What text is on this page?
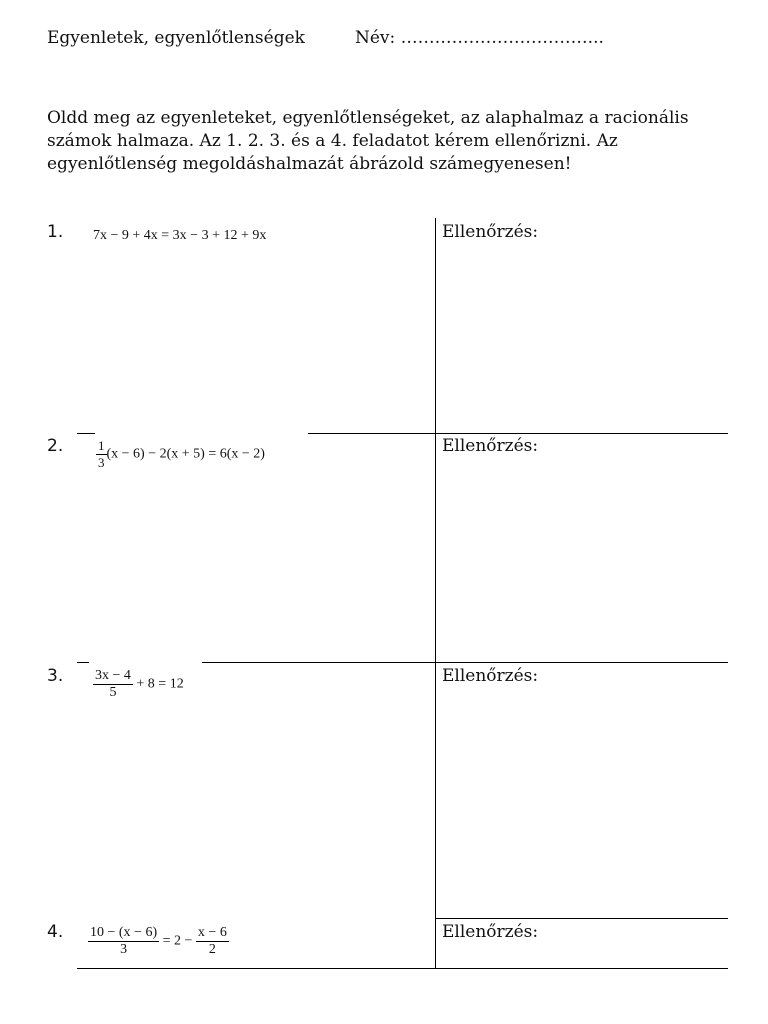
Egyenletek, egyenlőtlenségek	Név: ……………………………...
Oldd meg az egyenleteket, egyenlőtlenségeket, az alaphalmaz a racionális számok halmaza. Az 1. 2. 3. és a 4. feladatot kérem ellenőrizni. Az egyenlőtlenség megoldáshalmazát ábrázold számegyenesen!
1. 7x − 9 + 4x = 3x − 3 + 12 + 9x	Ellenőrzés:
2.	$\frac{1}{3} (x - 6) - 2(x + 5) = 6(x - 2)$	Ellenőrzés:
3. $\frac{3x - 4}{5} + 8 = 12$	Ellenőrzés:
4. $\frac{10 - (x - 6)}{3} = 2 - \frac{x - 6}{2}$	Ellenőrzés:
